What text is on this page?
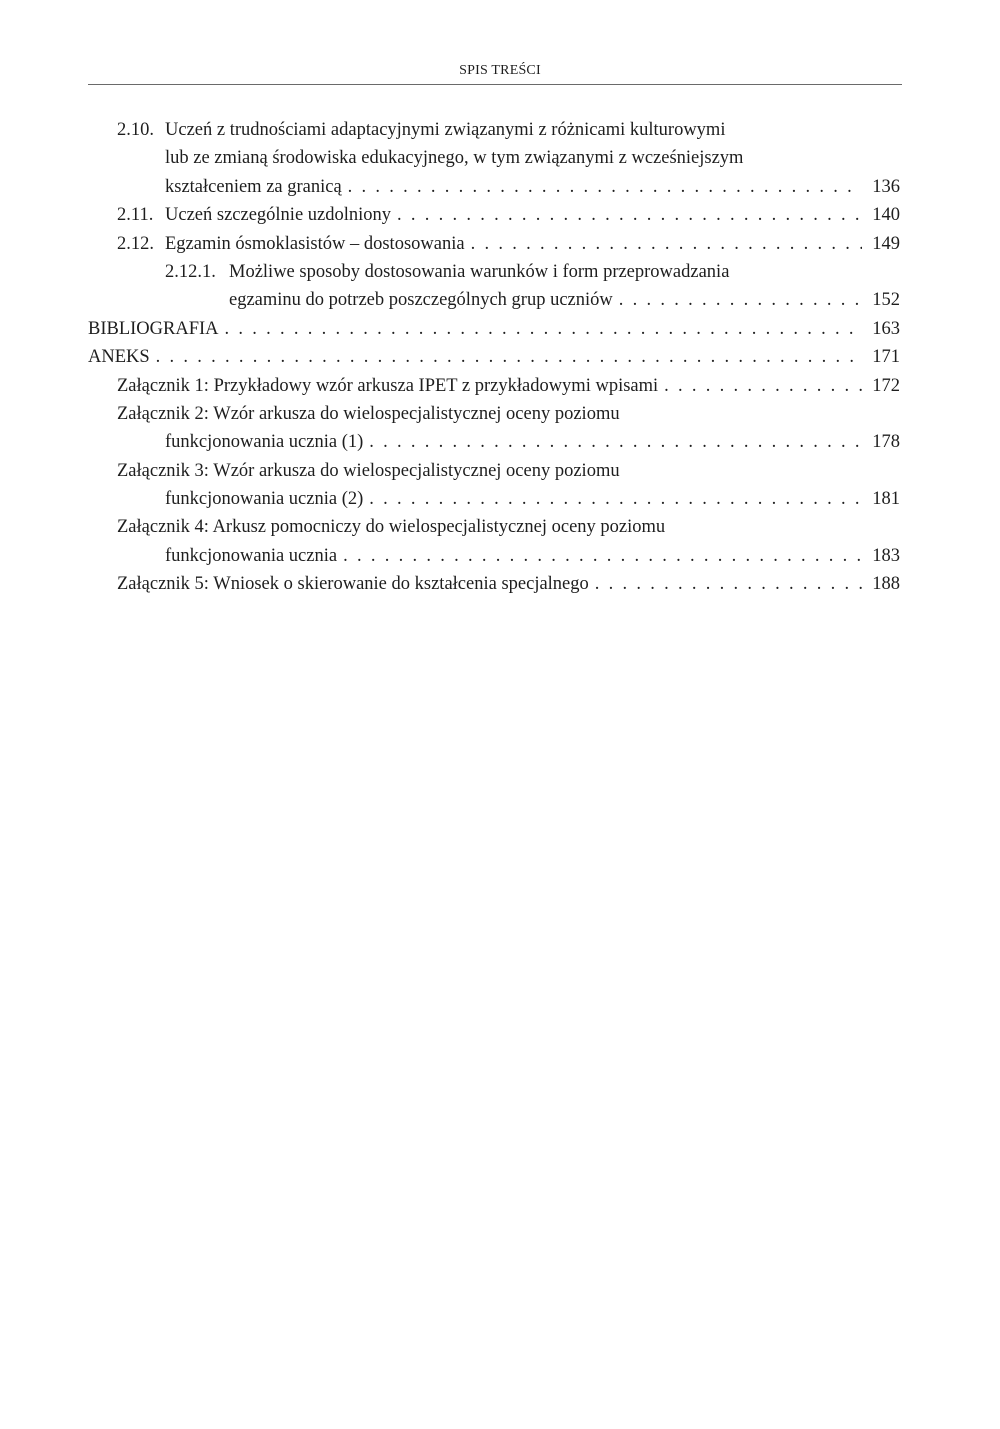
SPIS TREŚCI
2.10. Uczeń z trudnościami adaptacyjnymi związanymi z różnicami kulturowymi
lub ze zmianą środowiska edukacyjnego, w tym związanymi z wcześniejszym
kształceniem za granicą . .	136
2.11. Uczeń szczególnie uzdolniony . .	140
2.12. Egzamin ósmoklasistów – dostosowania . .	149
2.12.1. Możliwe sposoby dostosowania warunków i form przeprowadzania
egzaminu do potrzeb poszczególnych grup uczniów . .	152
BIBLIOGRAFIA . .	163
ANEKS . .	171
Załącznik 1: Przykładowy wzór arkusza IPET z przykładowymi wpisami . .	172
Załącznik 2: Wzór arkusza do wielospecjalistycznej oceny poziomu
funkcjonowania ucznia (1) . .	178
Załącznik 3: Wzór arkusza do wielospecjalistycznej oceny poziomu
funkcjonowania ucznia (2) . .	181
Załącznik 4: Arkusz pomocniczy do wielospecjalistycznej oceny poziomu
funkcjonowania ucznia . .	183
Załącznik 5: Wniosek o skierowanie do kształcenia specjalnego . .	188
